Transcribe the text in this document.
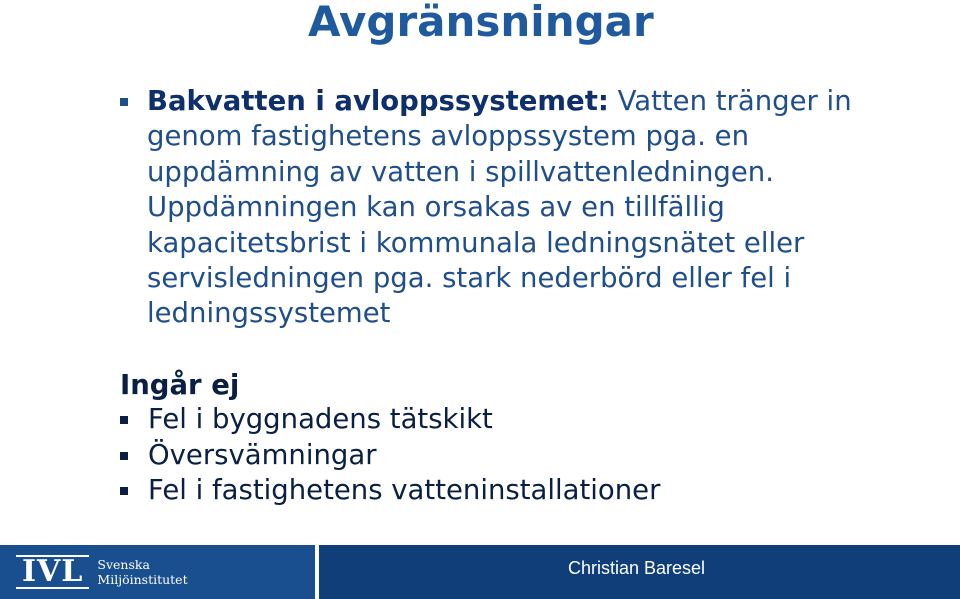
Avgränsningar
Bakvatten i avloppssystemet: Vatten tränger in genom fastighetens avloppssystem pga. en uppdämning av vatten i spillvattenledningen. Uppdämningen kan orsakas av en tillfällig kapacitetsbrist i kommunala ledningsnätet eller servisledningen pga. stark nederbörd eller fel i ledningssystemet
Ingår ej
Fel i byggnadens tätskikt
Översvämningar
Fel i fastighetens vatteninstallationer
IVL	Svenska
Miljöinstitutet
Christian Baresel
